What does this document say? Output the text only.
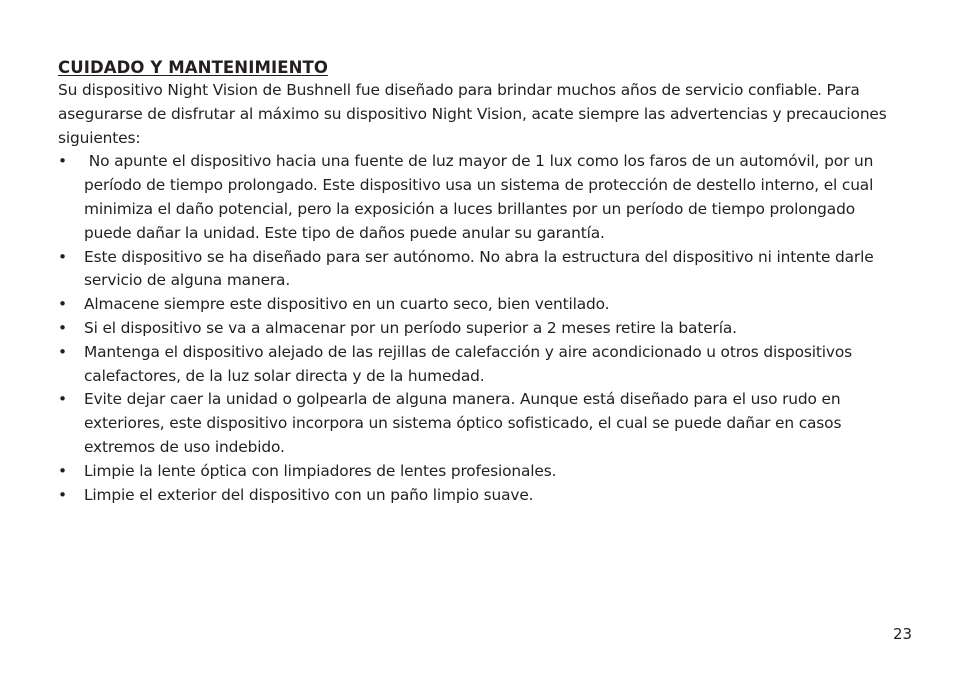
CUIDADO Y MANTENIMIENTO

Su dispositivo Night Vision de Bushnell fue diseñado para brindar muchos años de servicio confiable. Para asegurarse de disfrutar al máximo su dispositivo Night Vision, acate siempre las advertencias y precauciones siguientes:

• No apunte el dispositivo hacia una fuente de luz mayor de 1 lux como los faros de un automóvil, por un período de tiempo prolongado. Este dispositivo usa un sistema de protección de destello interno, el cual minimiza el daño potencial, pero la exposición a luces brillantes por un período de tiempo prolongado puede dañar la unidad. Este tipo de daños puede anular su garantía.
• Este dispositivo se ha diseñado para ser autónomo. No abra la estructura del dispositivo ni intente darle servicio de alguna manera.
• Almacene siempre este dispositivo en un cuarto seco, bien ventilado.
• Si el dispositivo se va a almacenar por un período superior a 2 meses retire la batería.
• Mantenga el dispositivo alejado de las rejillas de calefacción y aire acondicionado u otros dispositivos calefactores, de la luz solar directa y de la humedad.
• Evite dejar caer la unidad o golpearla de alguna manera. Aunque está diseñado para el uso rudo en exteriores, este dispositivo incorpora un sistema óptico sofisticado, el cual se puede dañar en casos extremos de uso indebido.
• Limpie la lente óptica con limpiadores de lentes profesionales.
• Limpie el exterior del dispositivo con un paño limpio suave.
23
